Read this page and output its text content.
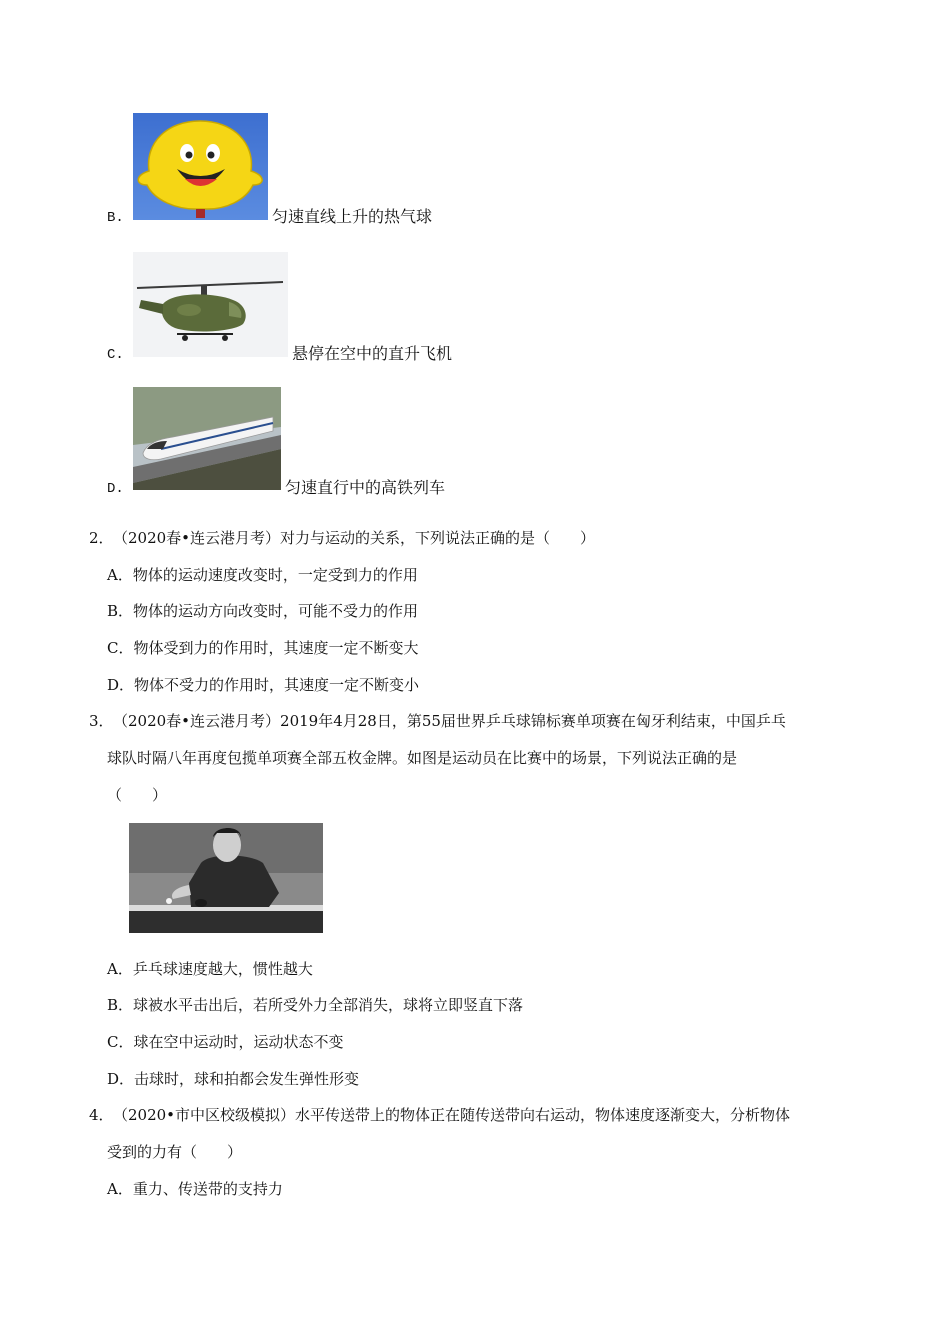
B.	匀速直线上升的热气球
C.	悬停在空中的直升飞机
D.	匀速直行中的高铁列车
2． （2020春•连云港月考）对力与运动的关系，下列说法正确的是（　　）
A．物体的运动速度改变时，一定受到力的作用
B．物体的运动方向改变时，可能不受力的作用
C．物体受到力的作用时，其速度一定不断变大
D．物体不受力的作用时，其速度一定不断变小
3． （2020春•连云港月考）2019年4月28日，第55届世界乒乓球锦标赛单项赛在匈牙利结束，中国乒乓
球队时隔八年再度包揽单项赛全部五枚金牌。如图是运动员在比赛中的场景，下列说法正确的是
（　　）
A．乒乓球速度越大，惯性越大
B．球被水平击出后，若所受外力全部消失，球将立即竖直下落
C．球在空中运动时，运动状态不变
D．击球时，球和拍都会发生弹性形变
4． （2020•市中区校级模拟）水平传送带上的物体正在随传送带向右运动，物体速度逐渐变大，分析物体
受到的力有（　　）
A．重力、传送带的支持力
